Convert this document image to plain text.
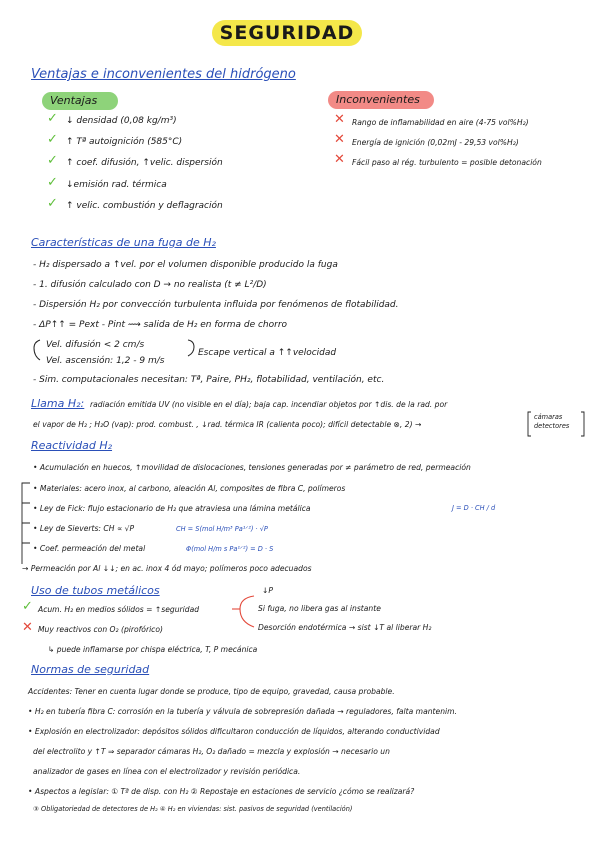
SEGURIDAD
Ventajas e inconvenientes del hidrógeno
Ventajas
✓ ↓ densidad (0,08 kg/m³)
✓ ↑ Tª autoignición (585°C)
✓ ↑ coef. difusión, ↑velic. dispersión
✓ ↓emisión rad. térmica
✓ ↑ velic. combustión y deflagración
Inconvenientes
✕ Rango de inflamabilidad en aire (4-75 vol%H₂)
✕ Energía de ignición (0,02mJ - 29,53 vol%H₂)
✕ Fácil paso al rég. turbulento = posible detonación
Características de una fuga de H₂
- H₂ dispersado a ↑vel. por el volumen disponible producido la fuga
- 1. difusión calculado con D → no realista (t ≠ L²/D)
- Dispersión H₂ por convección turbulenta influida por fenómenos de flotabilidad.
- ΔP↑↑ = Pext - Pint ⟿ salida de H₂ en forma de chorro
Vel. difusión < 2 cm/s
Vel. ascensión: 1,2 - 9 m/s
Escape vertical a ↑↑velocidad
- Sim. computacionales necesitan: Tª, Paire, PH₂, flotabilidad, ventilación, etc.
Llama H₂: radiación emitida UV (no visible en el día); baja cap. incendiar objetos por ↑dis. de la rad. por
el vapor de H₂ ; H₂O (vap): prod. combust. , ↓rad. térmica IR (calienta poco); difícil detectable ⊗, 2) →
cámaras detectores
Reactividad H₂
• Acumulación en huecos, ↑movilidad de dislocaciones, tensiones generadas por ≠ parámetro de red, permeación
• Materiales: acero inox, al carbono, aleación Al, composites de fibra C, polímeros
• Ley de Fick: flujo estacionario de H₂ que atraviesa una lámina metálica	J = D · CH / d
• Ley de Sieverts: CH ∝ √P	CH = S(mol H/m³ Pa¹ᐟ²) · √P
• Coef. permeación del metal	Φ(mol H/m s Pa¹ᐟ²) = D · S
→ Permeación por Al ↓↓; en ac. inox 4 ód mayo; polímeros poco adecuados
Uso de tubos metálicos
✓ Acum. H₂ en medios sólidos = ↑seguridad
✕ Muy reactivos con O₂ (pirofórico)
↳ puede inflamarse por chispa eléctrica, T, P mecánica
↓P
Si fuga, no libera gas al instante
Desorción endotérmica → sist ↓T al liberar H₂
Normas de seguridad
Accidentes: Tener en cuenta lugar donde se produce, tipo de equipo, gravedad, causa probable.
• H₂ en tubería fibra C: corrosión en la tubería y válvula de sobrepresión dañada → reguladores, falta mantenim.
• Explosión en electrolizador: depósitos sólidos dificultaron conducción de líquidos, alterando conductividad
del electrolito y ↑T ⇒ separador cámaras H₂, O₂ dañado = mezcla y explosión → necesario un
analizador de gases en línea con el electrolizador y revisión periódica.
• Aspectos a legislar: ① Tª de disp. con H₂ ② Repostaje en estaciones de servicio ¿cómo se realizará?
③ Obligatoriedad de detectores de H₂ ④ H₂ en viviendas: sist. pasivos de seguridad (ventilación)
